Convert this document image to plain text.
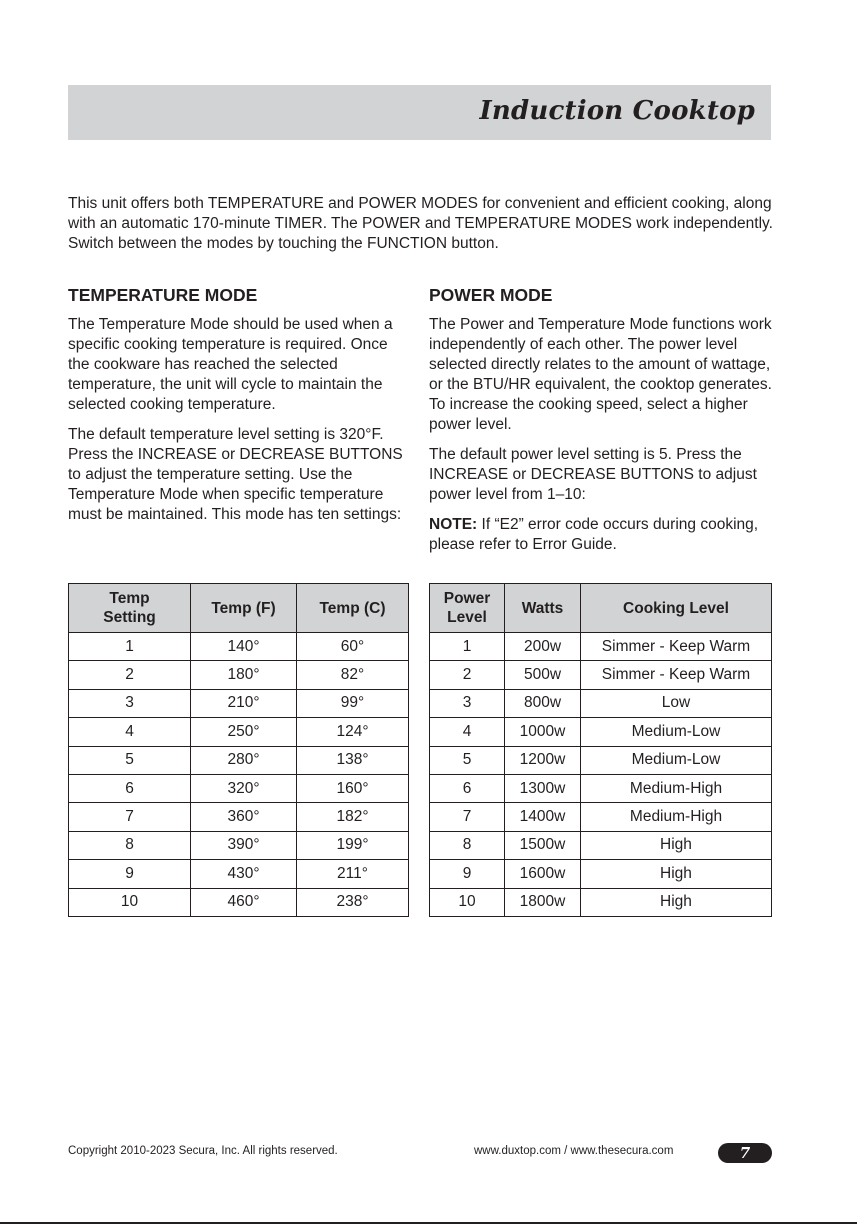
Induction Cooktop

This unit offers both TEMPERATURE and POWER MODES for convenient and efficient cooking, along with an automatic 170-minute TIMER. The POWER and TEMPERATURE MODES work independently. Switch between the modes by touching the FUNCTION button.

TEMPERATURE MODE

The Temperature Mode should be used when a specific cooking temperature is required. Once the cookware has reached the selected temperature, the unit will cycle to maintain the selected cooking temperature.

The default temperature level setting is 320°F. Press the INCREASE or DECREASE BUTTONS to adjust the temperature setting. Use the Temperature Mode when specific temperature must be maintained. This mode has ten settings:

POWER MODE

The Power and Temperature Mode functions work independently of each other. The power level selected directly relates to the amount of wattage, or the BTU/HR equivalent, the cooktop generates. To increase the cooking speed, select a higher power level.

The default power level setting is 5. Press the INCREASE or DECREASE BUTTONS to adjust power level from 1–10:

NOTE: If “E2” error code occurs during cooking, please refer to Error Guide.

Temp Setting	Temp (F)	Temp (C)
1	140°	60°
2	180°	82°
3	210°	99°
4	250°	124°
5	280°	138°
6	320°	160°
7	360°	182°
8	390°	199°
9	430°	211°
10	460°	238°
Power Level	Watts	Cooking Level
1	200w	Simmer - Keep Warm
2	500w	Simmer - Keep Warm
3	800w	Low
4	1000w	Medium-Low
5	1200w	Medium-Low
6	1300w	Medium-High
7	1400w	Medium-High
8	1500w	High
9	1600w	High
10	1800w	High
Copyright 2010-2023 Secura, Inc. All rights reserved.	www.duxtop.com / www.thesecura.com	7
